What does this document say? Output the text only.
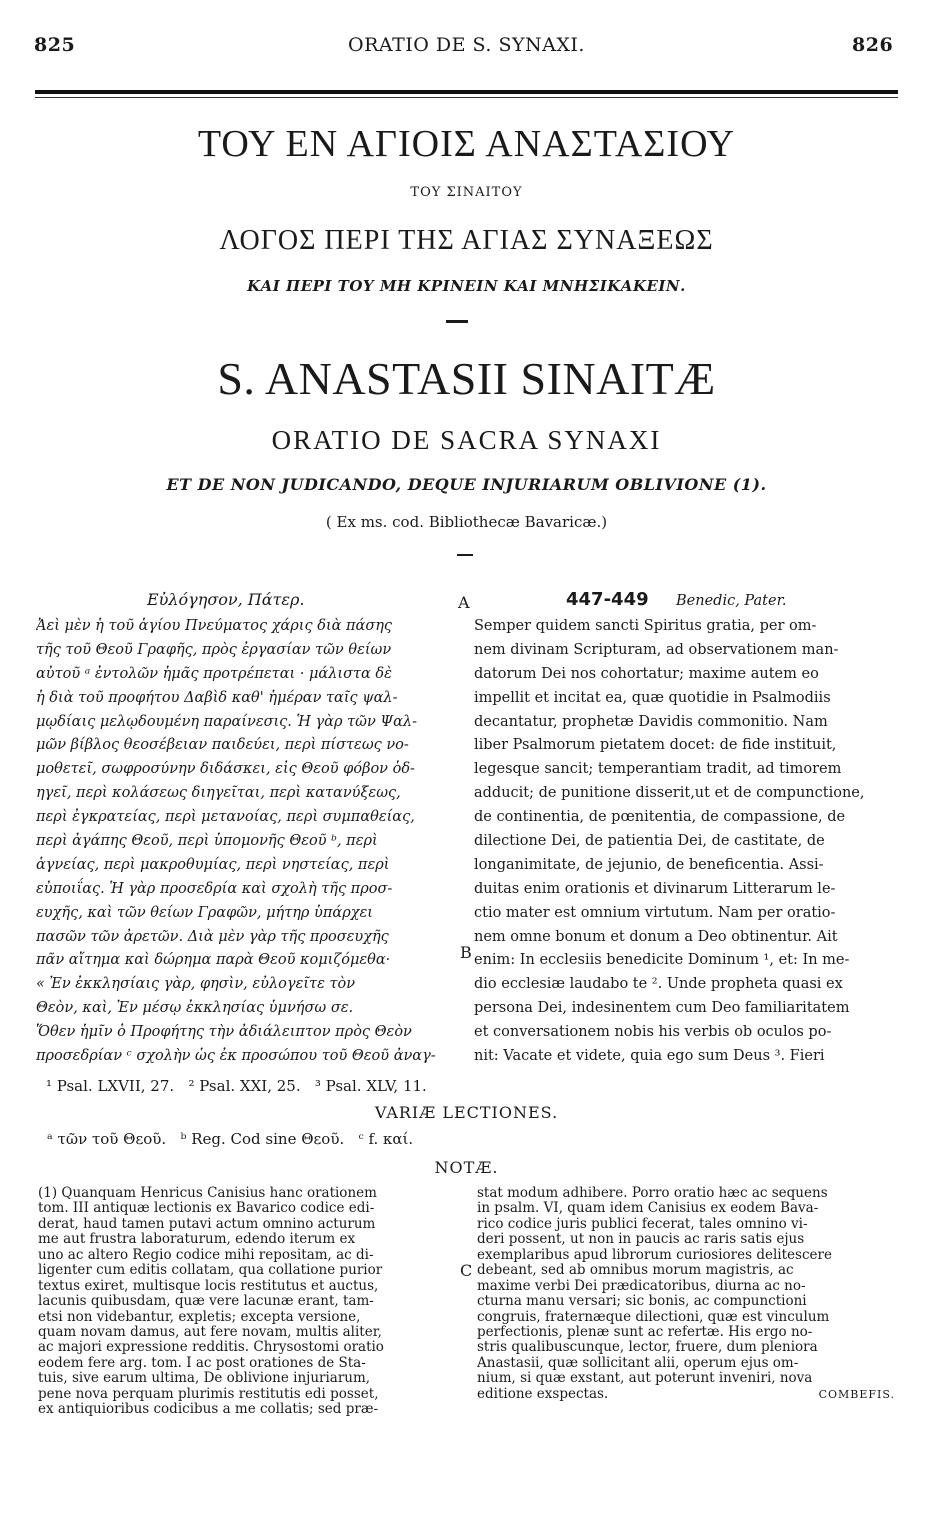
825	ORATIO DE S. SYNAXI.	826
ΤΟΥ ΕΝ ΑΓΙΟΙΣ ΑΝΑΣΤΑΣΙΟΥ
ΤΟΥ ΣΙΝΑΙΤΟΥ
ΛΟΓΟΣ ΠΕΡΙ ΤΗΣ ΑΓΙΑΣ ΣΥΝΑΞΕΩΣ
ΚΑΙ ΠΕΡΙ ΤΟΥ ΜΗ ΚΡΙΝΕΙΝ ΚΑΙ ΜΝΗΣΙΚΑΚΕΙΝ.
S. ANASTASII SINAITÆ
ORATIO DE SACRA SYNAXI
ET DE NON JUDICANDO, DEQUE INJURIARUM OBLIVIONE (1).
( Ex ms. cod. Bibliothecæ Bavaricæ.)
Εὐλόγησον, Πάτερ.	A	447-449 Benedic, Pater.
Ἀεὶ μὲν ἡ τοῦ ἁγίου Πνεύματος χάρις διὰ πάσης
τῆς τοῦ Θεοῦ Γραφῆς, πρὸς ἐργασίαν τῶν θείων
αὐτοῦ ᵃ ἐντολῶν ἡμᾶς προτρέπεται · μάλιστα δὲ
ἡ διὰ τοῦ προφήτου Δαβὶδ καθ' ἡμέραν ταῖς ψαλ-
μῳδίαις μελῳδουμένη παραίνεσις. Ἡ γὰρ τῶν Ψαλ-
μῶν βίβλος θεοσέβειαν παιδεύει, περὶ πίστεως νο-
μοθετεῖ, σωφροσύνην διδάσκει, εἰς Θεοῦ φόβον ὁδ-
ηγεῖ, περὶ κολάσεως διηγεῖται, περὶ κατανύξεως,
περὶ ἐγκρατείας, περὶ μετανοίας, περὶ συμπαθείας,
περὶ ἀγάπης Θεοῦ, περὶ ὑπομονῆς Θεοῦ ᵇ, περὶ
ἁγνείας, περὶ μακροθυμίας, περὶ νηστείας, περὶ
εὐποιΐας. Ἡ γὰρ προσεδρία καὶ σχολὴ τῆς προσ-
ευχῆς, καὶ τῶν θείων Γραφῶν, μήτηρ ὑπάρχει
πασῶν τῶν ἀρετῶν. Διὰ μὲν γὰρ τῆς προσευχῆς
πᾶν αἴτημα καὶ δώρημα παρὰ Θεοῦ κομιζόμεθα·
« Ἐν ἐκκλησίαις γὰρ, φησὶν, εὐλογεῖτε τὸν
Θεὸν, καὶ, Ἐν μέσῳ ἐκκλησίας ὑμνήσω σε.
Ὅθεν ἡμῖν ὁ Προφήτης τὴν ἀδιάλειπτον πρὸς Θεὸν
προσεδρίαν ᶜ σχολὴν ὡς ἐκ προσώπου τοῦ Θεοῦ ἀναγ-
Semper quidem sancti Spiritus gratia, per om-
nem divinam Scripturam, ad observationem man-
datorum Dei nos cohortatur; maxime autem eo
impellit et incitat ea, quæ quotidie in Psalmodiis
decantatur, prophetæ Davidis commonitio. Nam
liber Psalmorum pietatem docet: de fide instituit,
legesque sancit; temperantiam tradit, ad timorem
adducit; de punitione disserit,ut et de compunctione,
de continentia, de pœnitentia, de compassione, de
dilectione Dei, de patientia Dei, de castitate, de
longanimitate, de jejunio, de beneficentia. Assi-
duitas enim orationis et divinarum Litterarum le-
ctio mater est omnium virtutum. Nam per oratio-
nem omne bonum et donum a Deo obtinentur. Ait
enim: In ecclesiis benedicite Dominum ¹, et: In me-
dio ecclesiæ laudabo te ². Unde propheta quasi ex
persona Dei, indesinentem cum Deo familiaritatem
et conversationem nobis his verbis ob oculos po-
nit: Vacate et videte, quia ego sum Deus ³. Fieri
B
¹ Psal. LXVII, 27.   ² Psal. XXI, 25.   ³ Psal. XLV, 11.
VARIÆ LECTIONES.
ᵃ τῶν τοῦ Θεοῦ.   ᵇ Reg. Cod sine Θεοῦ.   ᶜ f. καί.
NOTÆ.
(1) Quanquam Henricus Canisius hanc orationem
tom. III antiquæ lectionis ex Bavarico codice edi-
derat, haud tamen putavi actum omnino acturum
me aut frustra laboraturum, edendo iterum ex
uno ac altero Regio codice mihi repositam, ac di-
ligenter cum editis collatam, qua collatione purior
textus exiret, multisque locis restitutus et auctus,
lacunis quibusdam, quæ vere lacunæ erant, tam-
etsi non videbantur, expletis; excepta versione,
quam novam damus, aut fere novam, multis aliter,
ac majori expressione redditis. Chrysostomi oratio
eodem fere arg. tom. I ac post orationes de Sta-
tuis, sive earum ultima, De oblivione injuriarum,
pene nova perquam plurimis restitutis edi posset,
ex antiquioribus codicibus a me collatis; sed præ-
C
stat modum adhibere. Porro oratio hæc ac sequens
in psalm. VI, quam idem Canisius ex eodem Bava-
rico codice juris publici fecerat, tales omnino vi-
deri possent, ut non in paucis ac raris satis ejus
exemplaribus apud librorum curiosiores delitescere
debeant, sed ab omnibus morum magistris, ac
maxime verbi Dei prædicatoribus, diurna ac no-
cturna manu versari; sic bonis, ac compunctioni
congruis, fraternæque dilectioni, quæ est vinculum
perfectionis, plenæ sunt ac refertæ. His ergo no-
stris qualibuscunque, lector, fruere, dum pleniora
Anastasii, quæ sollicitant alii, operum ejus om-
nium, si quæ exstant, aut poterunt inveniri, nova
editione exspectas.	COMBEFIS.
